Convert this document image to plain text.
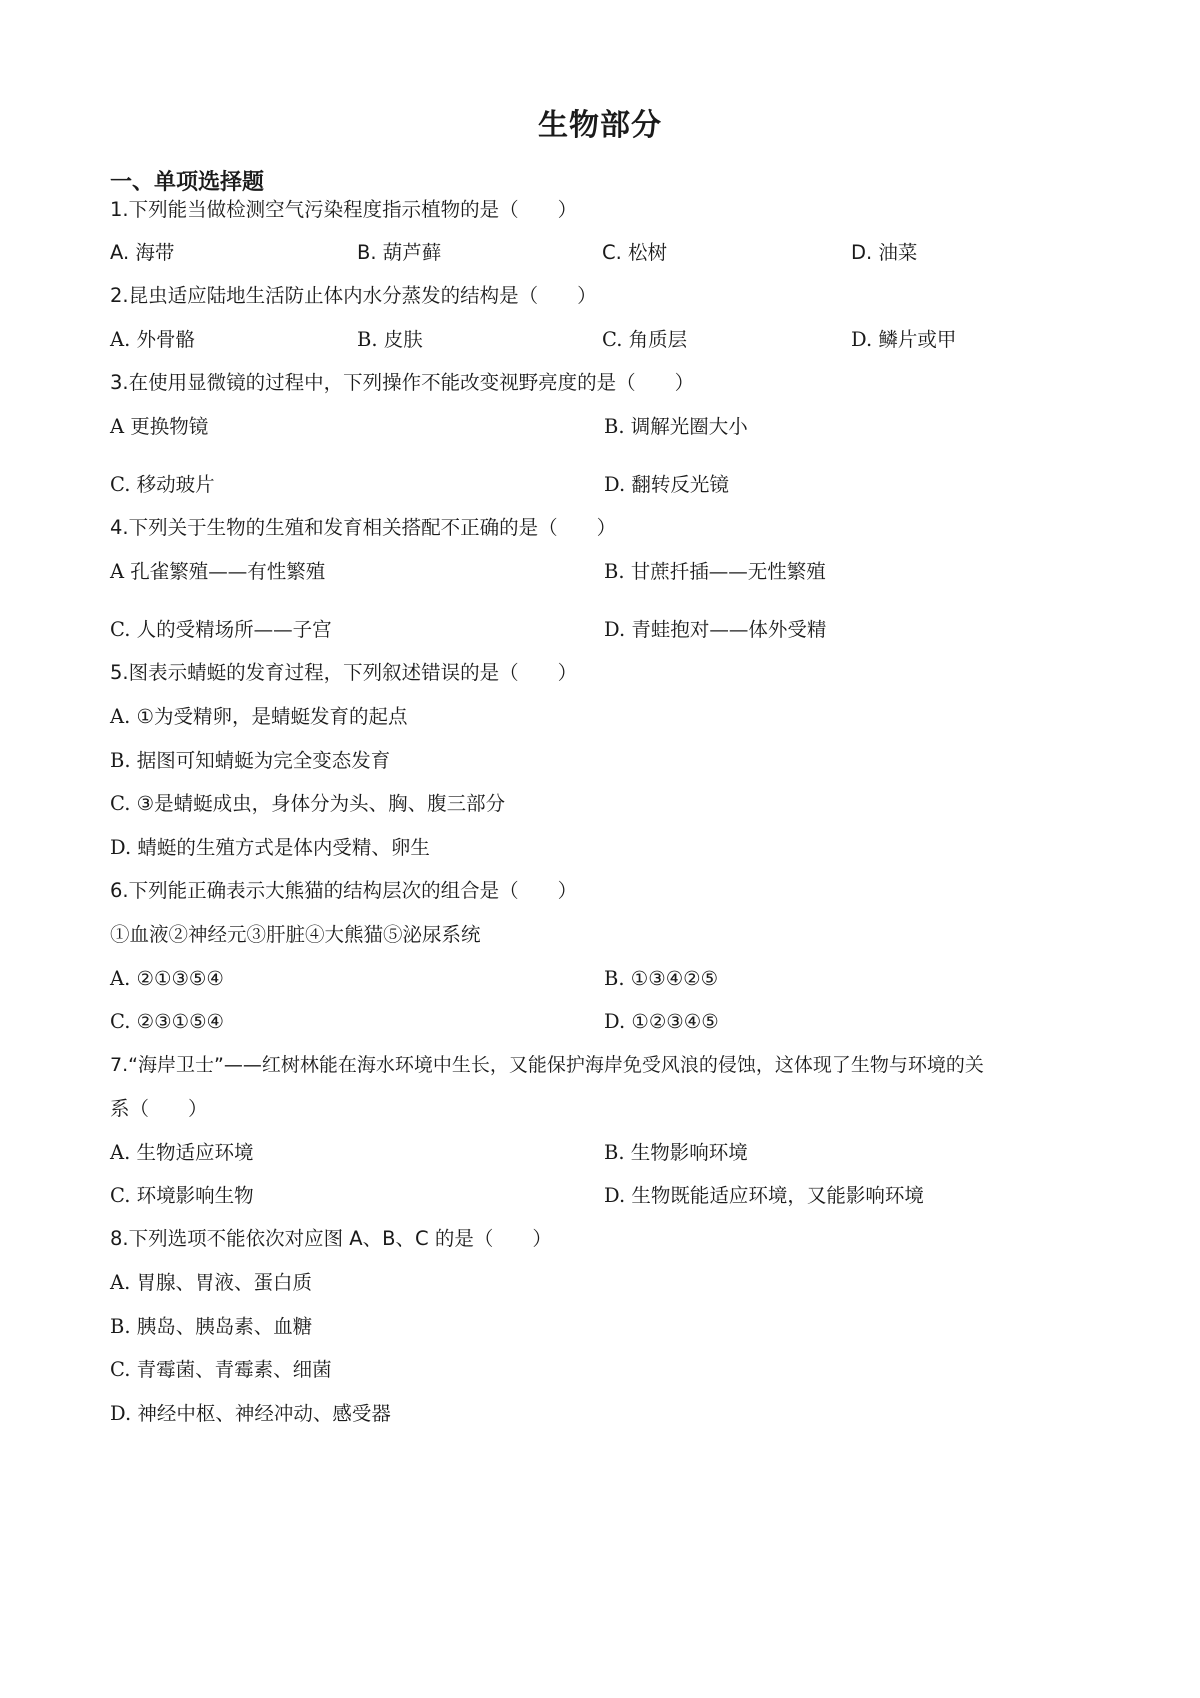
生物部分
一、单项选择题
1.下列能当做检测空气污染程度指示植物的是（　　）
A. 海带	B. 葫芦藓	C. 松树	D. 油菜
2.昆虫适应陆地生活防止体内水分蒸发的结构是（　　）
A. 外骨骼	B. 皮肤	C. 角质层	D. 鳞片或甲
3.在使用显微镜的过程中，下列操作不能改变视野亮度的是（　　）
A 更换物镜	B. 调解光圈大小
C. 移动玻片	D. 翻转反光镜
4.下列关于生物的生殖和发育相关搭配不正确的是（　　）
A 孔雀繁殖——有性繁殖	B. 甘蔗扦插——无性繁殖
C. 人的受精场所——子宫	D. 青蛙抱对——体外受精
5.图表示蜻蜓的发育过程，下列叙述错误的是（　　）
A. ①为受精卵，是蜻蜓发育的起点
B. 据图可知蜻蜓为完全变态发育
C. ③是蜻蜓成虫，身体分为头、胸、腹三部分
D. 蜻蜓的生殖方式是体内受精、卵生
6.下列能正确表示大熊猫的结构层次的组合是（　　）
①血液②神经元③肝脏④大熊猫⑤泌尿系统
A. ②①③⑤④	B. ①③④②⑤
C. ②③①⑤④	D. ①②③④⑤
7.“海岸卫士”——红树林能在海水环境中生长，又能保护海岸免受风浪的侵蚀，这体现了生物与环境的关
系（　　）
A. 生物适应环境	B. 生物影响环境
C. 环境影响生物	D. 生物既能适应环境，又能影响环境
8.下列选项不能依次对应图 A、B、C 的是（　　）
A. 胃腺、胃液、蛋白质
B. 胰岛、胰岛素、血糖
C. 青霉菌、青霉素、细菌
D. 神经中枢、神经冲动、感受器
